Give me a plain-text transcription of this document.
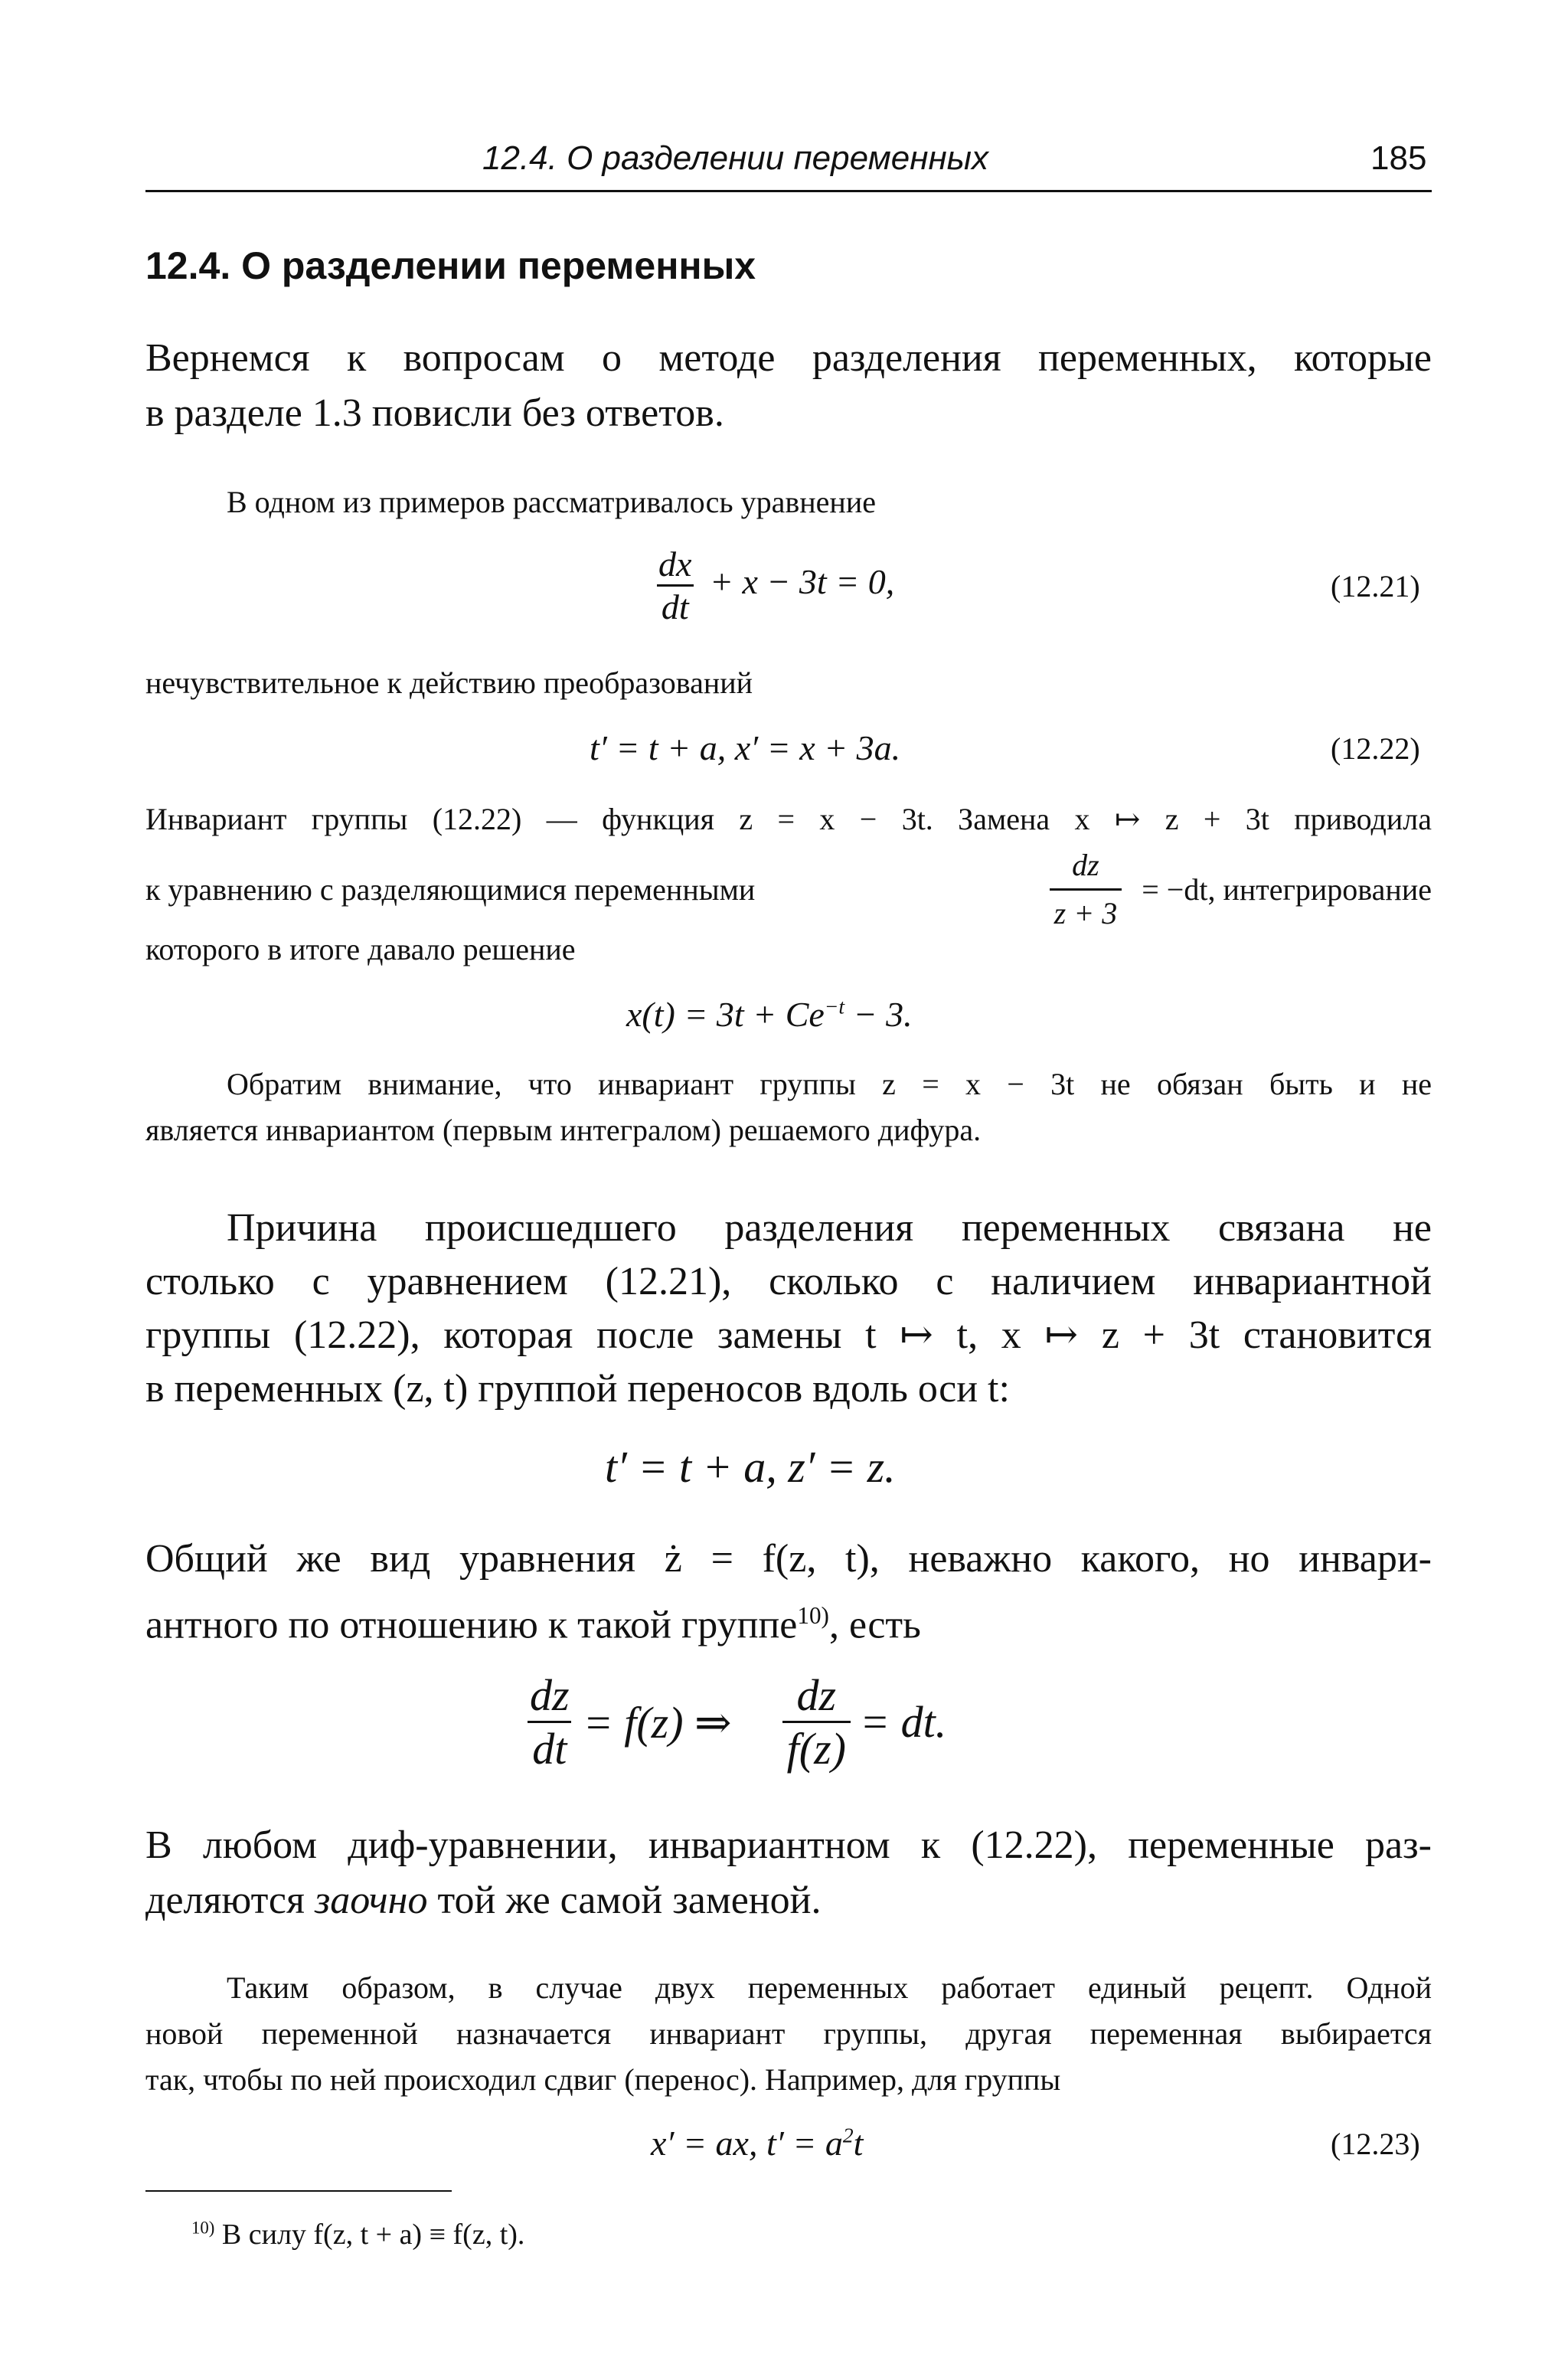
12.4. О разделении переменных	185
12.4. О разделении переменных
Вернемся к вопросам о методе разделения переменных, которые
в разделе 1.3 повисли без ответов.
В одном из примеров рассматривалось уравнение
$\frac{dx}{dt} + x - 3t = 0$,	(12.21)
нечувствительное к действию преобразований
t′ = t + a, x′ = x + 3a.	(12.22)
Инвариант группы (12.22) — функция z = x − 3t. Замена x ↦ z + 3t приводила
к уравнению с разделяющимися переменными	$\frac{dz}{z + 3} = -dt$, интегрирование
которого в итоге давало решение
$x(t) = 3t + Ce^{-t} - 3$.
Обратим внимание, что инвариант группы z = x − 3t не обязан быть и не
является инвариантом (первым интегралом) решаемого дифура.
Причина происшедшего разделения переменных связана не
столько с уравнением (12.21), сколько с наличием инвариантной
группы (12.22), которая после замены t ↦ t, x ↦ z + 3t становится
в переменных (z, t) группой переносов вдоль оси t:
t′ = t + a, z′ = z.
Общий же вид уравнения ż = f(z, t), неважно какого, но инвари-
антного по отношению к такой группе$^{10)}$, есть
$\frac{dz}{dt} = f(z)$ ⇒ $\frac{dz}{f(z)}$ = dt.
В любом диф-уравнении, инвариантном к (12.22), переменные раз-
деляются заочно той же самой заменой.
Таким образом, в случае двух переменных работает единый рецепт. Одной
новой переменной назначается инвариант группы, другая переменная выбирается
так, чтобы по ней происходил сдвиг (перенос). Например, для группы
x′ = ax, $t' = a^2t$	(12.23)
$^{10)}$ В силу f(z, t + a) ≡ f(z, t).
